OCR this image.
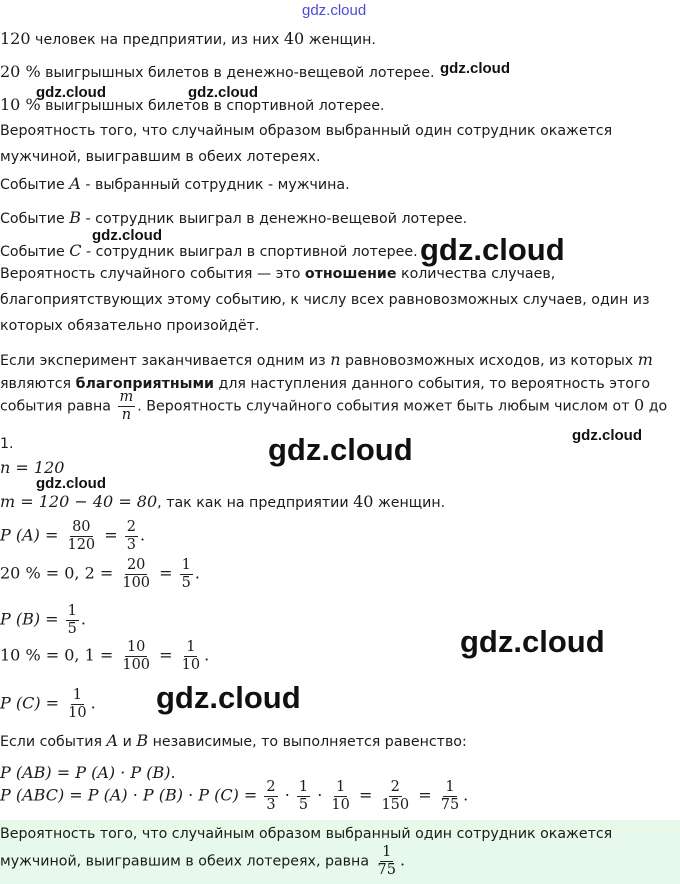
gdz.cloud
120 человек на предприятии, из них 40 женщин.
20 % выигрышных билетов в денежно-вещевой лотерее. gdz.cloud
gdz.cloud	gdz.cloud
10 % выигрышных билетов в спортивной лотерее.
Вероятность того, что случайным образом выбранный один сотрудник окажется
мужчиной, выигравшим в обеих лотереях.
Событие A - выбранный сотрудник - мужчина.
Событие B - сотрудник выиграл в денежно-вещевой лотерее.
gdz.cloud
Событие C - сотрудник выиграл в спортивной лотерее. gdz.cloud
Вероятность случайного события — это отношение количества случаев,
благоприятствующих этому событию, к числу всех равновозможных случаев, один из
которых обязательно произойдёт.
Если эксперимент заканчивается одним из n равновозможных исходов, из которых m
являются благоприятными для наступления данного события, то вероятность этого
события равна $\frac{m}{n}$ . Вероятность случайного события может быть любым числом от 0 до
1.	gdz.cloud
gdz.cloud
n = 120
gdz.cloud
m = 120 − 40 = 80, так как на предприятии 40 женщин.
P $(A) = \frac{80}{120} = \frac{2}{3}$ .
20 % = 0, $2 = \frac{20}{100} = \frac{1}{5}$ .
P $(B) = \frac{1}{5}$ .
gdz.cloud
10 % = 0, $1 = \frac{10}{100} = \frac{1}{10}$ .
gdz.cloud
P $(C) = \frac{1}{10}$ .
Если события A и B независимые, то выполняется равенство:
P (AB) = P (A) · P (B).
P (ABC) = P (A) · P (B) · P $(C) = \frac{2}{3} \cdot \frac{1}{5} \cdot \frac{1}{10} = \frac{2}{150} = \frac{1}{75}$ .
Вероятность того, что случайным образом выбранный один сотрудник окажется
мужчиной, выигравшим в обеих лотереях, равна $\frac{1}{75}$ .
